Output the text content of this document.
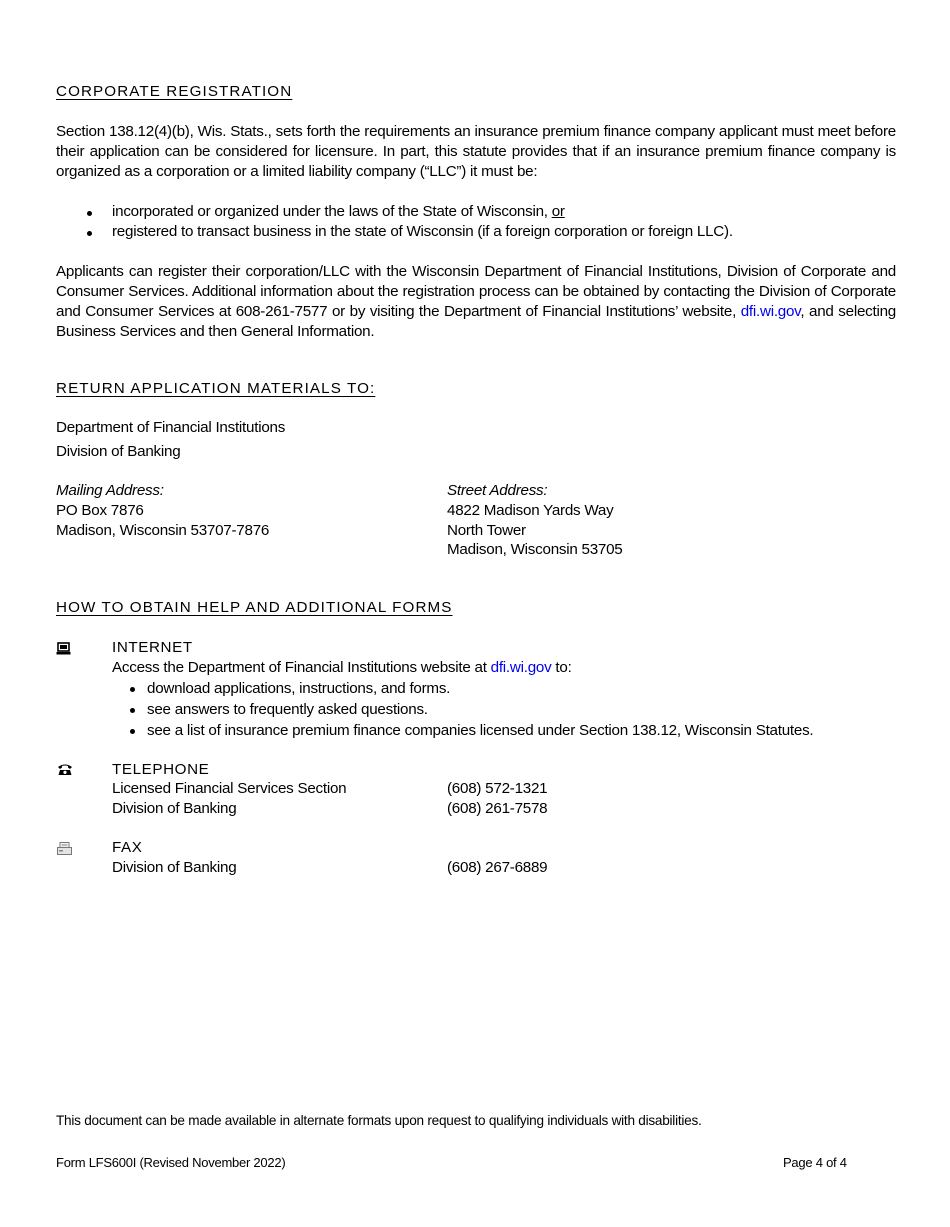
CORPORATE REGISTRATION
Section 138.12(4)(b), Wis. Stats., sets forth the requirements an insurance premium finance company applicant must meet before their application can be considered for licensure. In part, this statute provides that if an insurance premium finance company is organized as a corporation or a limited liability company (“LLC”) it must be:
incorporated or organized under the laws of the State of Wisconsin, or
registered to transact business in the state of Wisconsin (if a foreign corporation or foreign LLC).
Applicants can register their corporation/LLC with the Wisconsin Department of Financial Institutions, Division of Corporate and Consumer Services. Additional information about the registration process can be obtained by contacting the Division of Corporate and Consumer Services at 608-261-7577 or by visiting the Department of Financial Institutions’ website, dfi.wi.gov, and selecting Business Services and then General Information.
RETURN APPLICATION MATERIALS TO:
Department of Financial Institutions
Division of Banking
Mailing Address:
PO Box 7876
Madison, Wisconsin 53707-7876
Street Address:
4822 Madison Yards Way
North Tower
Madison, Wisconsin 53705
HOW TO OBTAIN HELP AND ADDITIONAL FORMS
INTERNET
Access the Department of Financial Institutions website at dfi.wi.gov to:
download applications, instructions, and forms.
see answers to frequently asked questions.
see a list of insurance premium finance companies licensed under Section 138.12, Wisconsin Statutes.
TELEPHONE
Licensed Financial Services Section	(608) 572-1321
Division of Banking	(608) 261-7578
FAX
Division of Banking	(608) 267-6889
This document can be made available in alternate formats upon request to qualifying individuals with disabilities.
Form LFS600I (Revised November 2022)	Page 4 of 4
